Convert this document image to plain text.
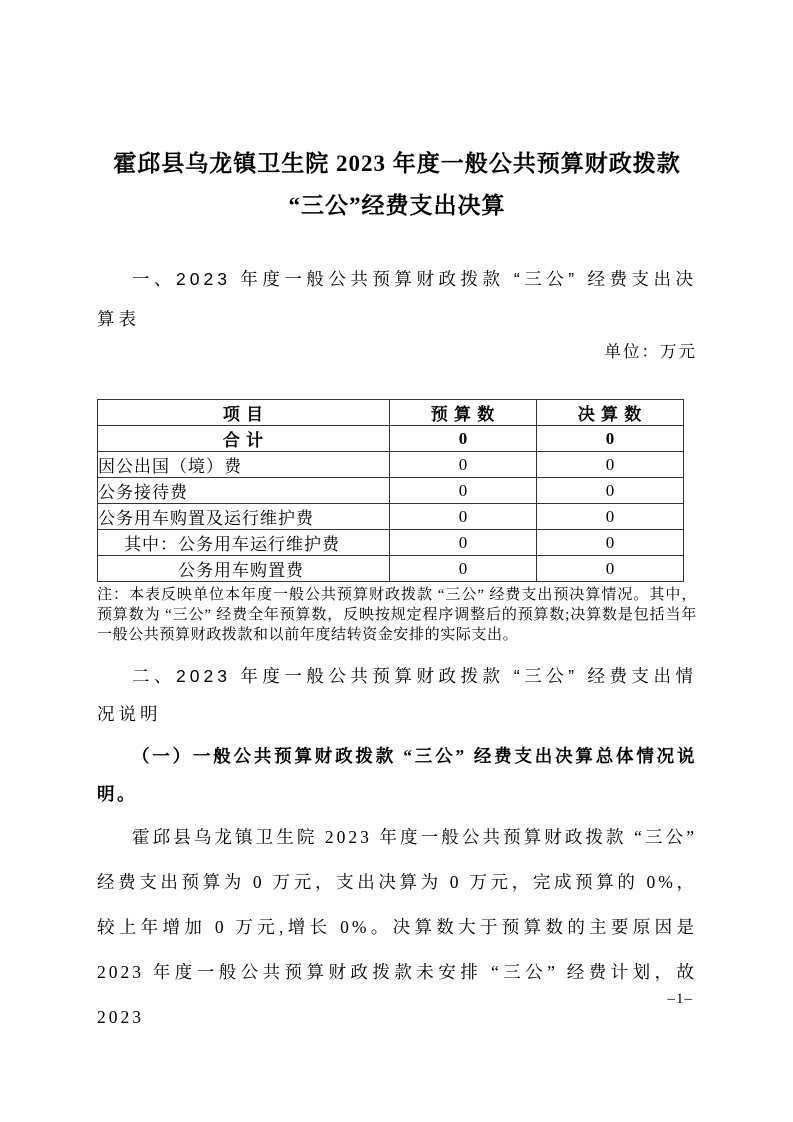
霍邱县乌龙镇卫生院 2023 年度一般公共预算财政拨款“三公”经费支出决算
一、2023 年度一般公共预算财政拨款 “三公” 经费支出决算表
单位：万元
项 目	预 算 数	决 算 数
合 计	0	0
因公出国（境）费	0	0
公务接待费	0	0
公务用车购置及运行维护费	0	0
其中：公务用车运行维护费	0	0
公务用车购置费	0	0
注：本表反映单位本年度一般公共预算财政拨款 “三公” 经费支出预决算情况。其中，预算数为 “三公” 经费全年预算数，反映按规定程序调整后的预算数;决算数是包括当年一般公共预算财政拨款和以前年度结转资金安排的实际支出。
二、2023 年度一般公共预算财政拨款 “三公” 经费支出情况说明
（一）一般公共预算财政拨款 “三公” 经费支出决算总体情况说明。
霍邱县乌龙镇卫生院 2023 年度一般公共预算财政拨款 “三公” 经费支出预算为 0 万元，支出决算为 0 万元，完成预算的 0%，较上年增加 0 万元,增长 0%。决算数大于预算数的主要原因是 2023 年度一般公共预算财政拨款未安排 “三公” 经费计划，故 2023
–1–
